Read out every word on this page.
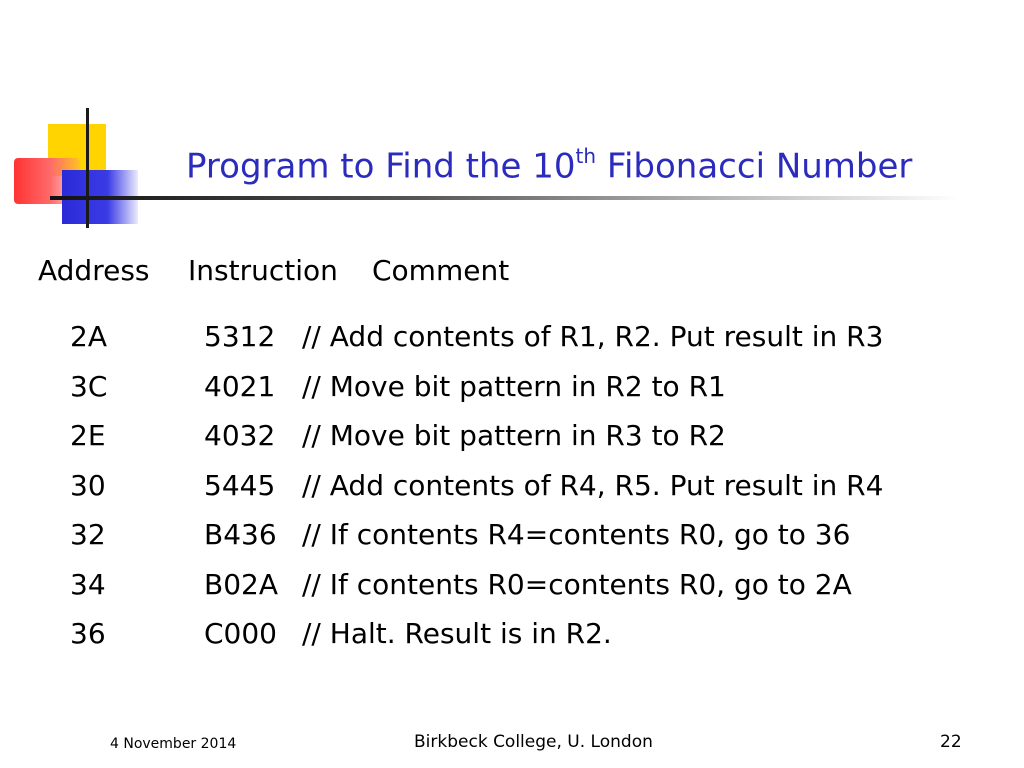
Program to Find the 10th Fibonacci Number
Address Instruction Comment
2A	5312 // Add contents of R1, R2. Put result in R3
3C	4021 // Move bit pattern in R2 to R1
2E	4032 // Move bit pattern in R3 to R2
30	5445 // Add contents of R4, R5. Put result in R4
32	B436 // If contents R4=contents R0, go to 36
34	B02A // If contents R0=contents R0, go to 2A
36	C000 // Halt. Result is in R2.
4 November 2014	Birkbeck College, U. London	22
